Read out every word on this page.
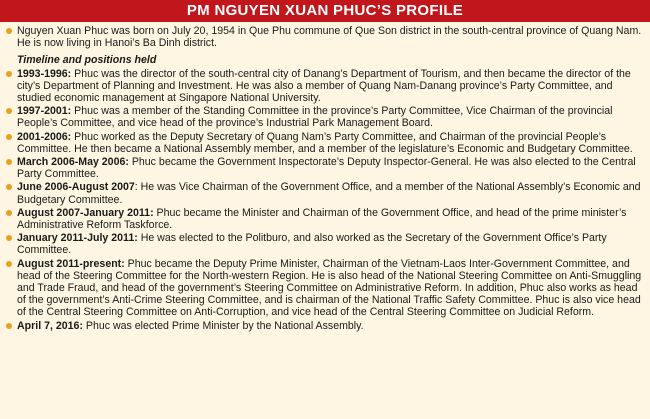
PM NGUYEN XUAN PHUC’S PROFILE
Nguyen Xuan Phuc was born on July 20, 1954 in Que Phu commune of Que Son district in the south-central province of Quang Nam. He is now living in Hanoi’s Ba Dinh district.
Timeline and positions held
1993-1996: Phuc was the director of the south-central city of Danang’s Department of Tourism, and then became the director of the city’s Department of Planning and Investment. He was also a member of Quang Nam-Danang province’s Party Committee, and studied economic management at Singapore National University.
1997-2001: Phuc was a member of the Standing Committee in the province’s Party Committee, Vice Chairman of the provincial People’s Committee, and vice head of the province’s Industrial Park Management Board.
2001-2006: Phuc worked as the Deputy Secretary of Quang Nam’s Party Committee, and Chairman of the provincial People’s Committee. He then became a National Assembly member, and a member of the legislature’s Economic and Budgetary Committee.
March 2006-May 2006: Phuc became the Government Inspectorate’s Deputy Inspector-General. He was also elected to the Central Party Committee.
June 2006-August 2007: He was Vice Chairman of the Government Office, and a member of the National Assembly’s Economic and Budgetary Committee.
August 2007-January 2011: Phuc became the Minister and Chairman of the Government Office, and head of the prime minister’s Administrative Reform Taskforce.
January 2011-July 2011: He was elected to the Politburo, and also worked as the Secretary of the Government Office’s Party Committee.
August 2011-present: Phuc became the Deputy Prime Minister, Chairman of the Vietnam-Laos Inter-Government Committee, and head of the Steering Committee for the North-western Region. He is also head of the National Steering Committee on Anti-Smuggling and Trade Fraud, and head of the government’s Steering Committee on Administrative Reform. In addition, Phuc also works as head of the government’s Anti-Crime Steering Committee, and is chairman of the National Traffic Safety Committee. Phuc is also vice head of the Central Steering Committee on Anti-Corruption, and vice head of the Central Steering Committee on Judicial Reform.
April 7, 2016: Phuc was elected Prime Minister by the National Assembly.
